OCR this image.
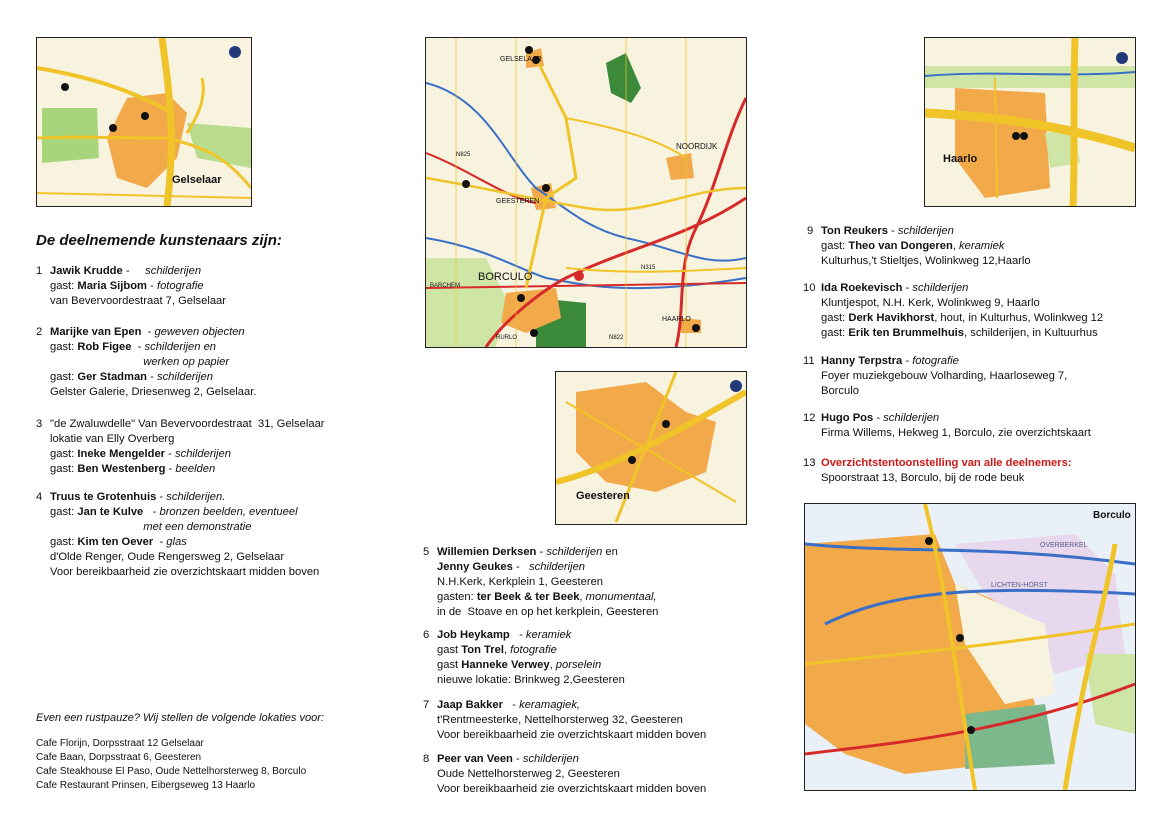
Gelselaar
GELSELAAR
NOORDIJK
GEESTEREN
BORCULO
HAARLO
BARCHEM
RURLO
N315
N825
N822
Haarlo
Geesteren
Borculo
OVERBERKEL
LICHTEN-HORST
De deelnemende kunstenaars zijn:
1 Jawik Krudde -     schilderijen
gast: Maria Sijbom - fotografie
van Bevervoordestraat 7, Gelselaar
2 Marijke van Epen  - geweven objecten
gast: Rob Figee  - schilderijen en
werken op papier
gast: Ger Stadman - schilderijen
Gelster Galerie, Driesenweg 2, Gelselaar.
3 "de Zwaluwdelle" Van Bevervoordestraat  31, Gelselaar
lokatie van Elly Overberg
gast: Ineke Mengelder - schilderijen
gast: Ben Westenberg - beelden
4 Truus te Grotenhuis - schilderijen.
gast: Jan te Kulve   - bronzen beelden, eventueel
met een demonstratie
gast: Kim ten Oever  - glas
d'Olde Renger, Oude Rengersweg 2, Gelselaar
Voor bereikbaarheid zie overzichtskaart midden boven
5 Willemien Derksen - schilderijen en
Jenny Geukes -   schilderijen
N.H.Kerk, Kerkplein 1, Geesteren
gasten: ter Beek & ter Beek, monumentaal,
in de  Stoave en op het kerkplein, Geesteren
6 Job Heykamp   - keramiek
gast Ton Trel, fotografie
gast Hanneke Verwey, porselein
nieuwe lokatie: Brinkweg 2,Geesteren
7 Jaap Bakker   - keramagiek,
t'Rentmeesterke, Nettelhorsterweg 32, Geesteren
Voor bereikbaarheid zie overzichtskaart midden boven
8 Peer van Veen - schilderijen
Oude Nettelhorsterweg 2, Geesteren
Voor bereikbaarheid zie overzichtskaart midden boven
9 Ton Reukers - schilderijen
gast: Theo van Dongeren, keramiek
Kulturhus,'t Stieltjes, Wolinkweg 12,Haarlo
10 Ida Roekevisch - schilderijen
Kluntjespot, N.H. Kerk, Wolinkweg 9, Haarlo
gast: Derk Havikhorst, hout, in Kulturhus, Wolinkweg 12
gast: Erik ten Brummelhuis, schilderijen, in Kultuurhus
11 Hanny Terpstra - fotografie
Foyer muziekgebouw Volharding, Haarloseweg 7,
Borculo
12 Hugo Pos - schilderijen
Firma Willems, Hekweg 1, Borculo, zie overzichtskaart
13 Overzichtstentoonstelling van alle deelnemers:
Spoorstraat 13, Borculo, bij de rode beuk
Even een rustpauze? Wij stellen de volgende lokaties voor:
Cafe Florijn, Dorpsstraat 12 Gelselaar
Cafe Baan, Dorpsstraat 6, Geesteren
Cafe Steakhouse El Paso, Oude Nettelhorsterweg 8, Borculo
Cafe Restaurant Prinsen, Eibergseweg 13 Haarlo
